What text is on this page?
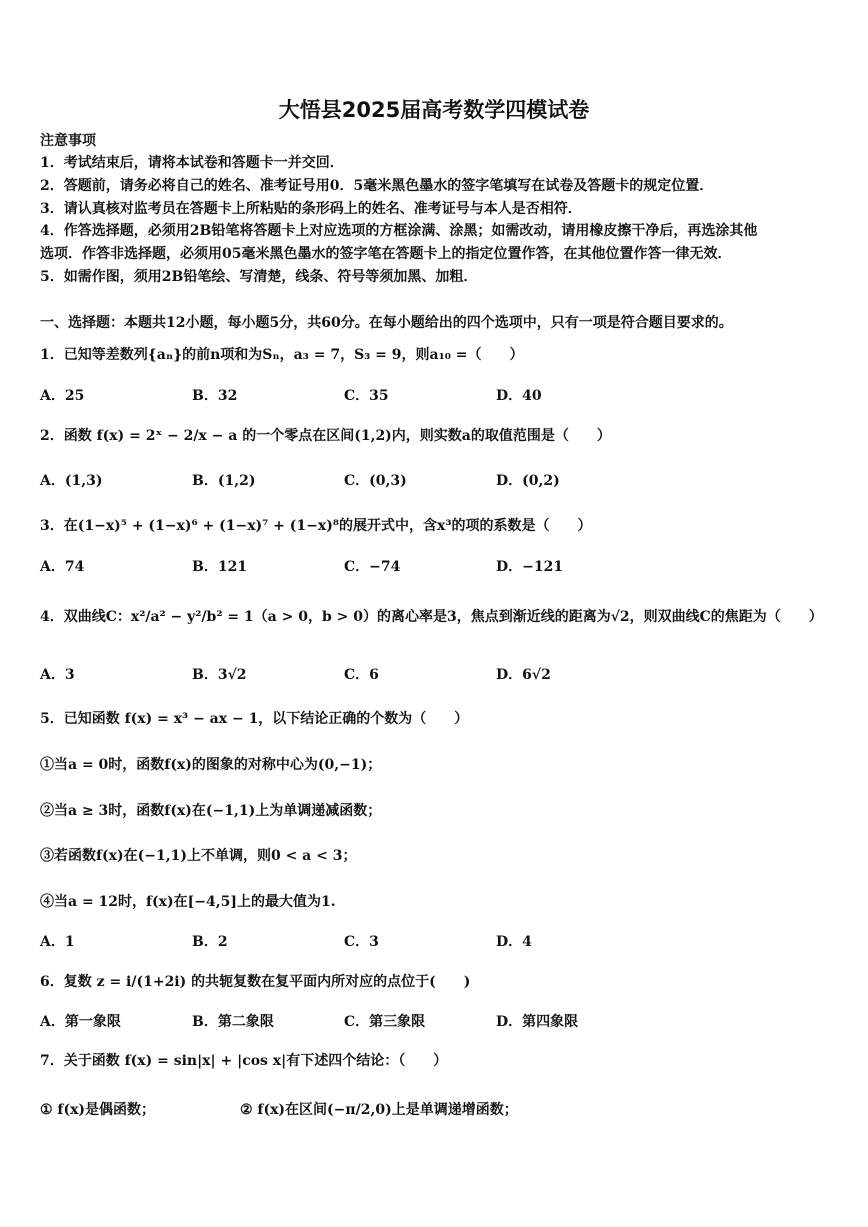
大悟县2025届高考数学四模试卷
注意事项
1．考试结束后，请将本试卷和答题卡一并交回．
2．答题前，请务必将自己的姓名、准考证号用0．5毫米黑色墨水的签字笔填写在试卷及答题卡的规定位置．
3．请认真核对监考员在答题卡上所粘贴的条形码上的姓名、准考证号与本人是否相符．
4．作答选择题，必须用2B铅笔将答题卡上对应选项的方框涂满、涂黑；如需改动，请用橡皮擦干净后，再选涂其他
选项．作答非选择题，必须用05毫米黑色墨水的签字笔在答题卡上的指定位置作答，在其他位置作答一律无效．
5．如需作图，须用2B铅笔绘、写清楚，线条、符号等须加黑、加粗．
一、选择题：本题共12小题，每小题5分，共60分。在每小题给出的四个选项中，只有一项是符合题目要求的。
1．已知等差数列{aₙ}的前n项和为Sₙ，a₃ = 7，S₃ = 9，则a₁₀ =（　　）
A．25	B．32	C．35	D．40
2．函数 f(x) = 2ˣ − 2/x − a 的一个零点在区间(1,2)内，则实数a的取值范围是（　　）
A．(1,3)	B．(1,2)	C．(0,3)	D．(0,2)
3．在(1−x)⁵ + (1−x)⁶ + (1−x)⁷ + (1−x)⁸的展开式中，含x³的项的系数是（　　）
A．74	B．121	C．−74	D．−121
4．双曲线C：x²/a² − y²/b² = 1（a > 0，b > 0）的离心率是3，焦点到渐近线的距离为√2，则双曲线C的焦距为（　　）
A．3	B．3√2	C．6	D．6√2
5．已知函数 f(x) = x³ − ax − 1，以下结论正确的个数为（　　）
①当a = 0时，函数f(x)的图象的对称中心为(0,−1)；
②当a ≥ 3时，函数f(x)在(−1,1)上为单调递减函数；
③若函数f(x)在(−1,1)上不单调，则0 < a < 3；
④当a = 12时，f(x)在[−4,5]上的最大值为1.
A．1	B．2	C．3	D．4
6．复数 z = i/(1+2i) 的共轭复数在复平面内所对应的点位于(　　)
A．第一象限	B．第二象限	C．第三象限	D．第四象限
7．关于函数 f(x) = sin|x| + |cos x|有下述四个结论：（　　）
① f(x)是偶函数；	② f(x)在区间(−π/2,0)上是单调递增函数；
